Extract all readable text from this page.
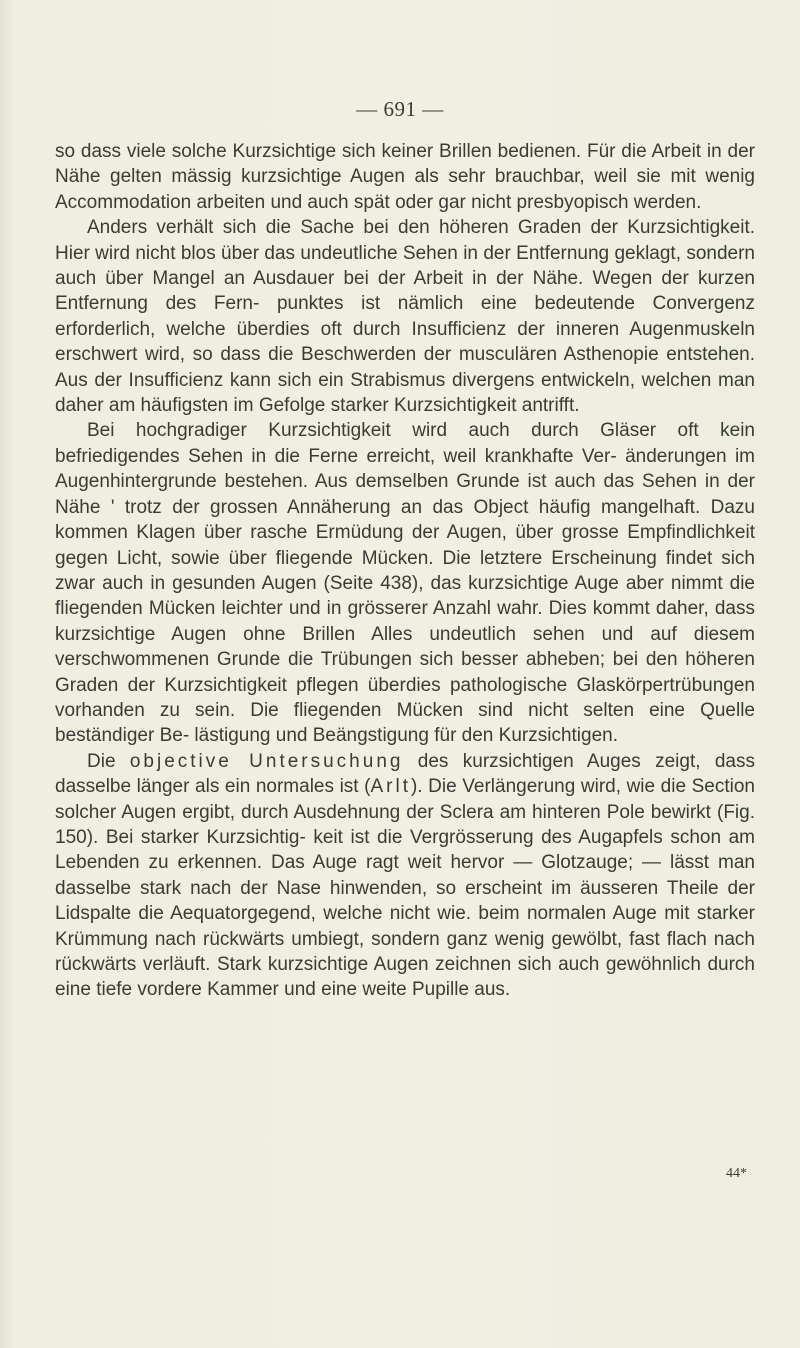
— 691 —

so dass viele solche Kurzsichtige sich keiner Brillen bedienen. Für die Arbeit in der Nähe gelten mässig kurzsichtige Augen als sehr brauchbar, weil sie mit wenig Accommodation arbeiten und auch spät oder gar nicht presbyopisch werden.

Anders verhält sich die Sache bei den höheren Graden der Kurzsichtigkeit. Hier wird nicht blos über das undeutliche Sehen in der Entfernung geklagt, sondern auch über Mangel an Ausdauer bei der Arbeit in der Nähe. Wegen der kurzen Entfernung des Fern- punktes ist nämlich eine bedeutende Convergenz erforderlich, welche überdies oft durch Insufficienz der inneren Augenmuskeln erschwert wird, so dass die Beschwerden der musculären Asthenopie entstehen. Aus der Insufficienz kann sich ein Strabismus divergens entwickeln, welchen man daher am häufigsten im Gefolge starker Kurzsichtigkeit antrifft.

Bei hochgradiger Kurzsichtigkeit wird auch durch Gläser oft kein befriedigendes Sehen in die Ferne erreicht, weil krankhafte Ver- änderungen im Augenhintergrunde bestehen. Aus demselben Grunde ist auch das Sehen in der Nähe ' trotz der grossen Annäherung an das Object häufig mangelhaft. Dazu kommen Klagen über rasche Ermüdung der Augen, über grosse Empfindlichkeit gegen Licht, sowie über fliegende Mücken. Die letztere Erscheinung findet sich zwar auch in gesunden Augen (Seite 438), das kurzsichtige Auge aber nimmt die fliegenden Mücken leichter und in grösserer Anzahl wahr. Dies kommt daher, dass kurzsichtige Augen ohne Brillen Alles undeutlich sehen und auf diesem verschwommenen Grunde die Trübungen sich besser abheben; bei den höheren Graden der Kurzsichtigkeit pflegen überdies pathologische Glaskörpertrübungen vorhanden zu sein. Die fliegenden Mücken sind nicht selten eine Quelle beständiger Be- lästigung und Beängstigung für den Kurzsichtigen.

Die objective Untersuchung des kurzsichtigen Auges zeigt, dass dasselbe länger als ein normales ist (Arlt). Die Verlängerung wird, wie die Section solcher Augen ergibt, durch Ausdehnung der Sclera am hinteren Pole bewirkt (Fig. 150). Bei starker Kurzsichtig- keit ist die Vergrösserung des Augapfels schon am Lebenden zu erkennen. Das Auge ragt weit hervor — Glotzauge; — lässt man dasselbe stark nach der Nase hinwenden, so erscheint im äusseren Theile der Lidspalte die Aequatorgegend, welche nicht wie. beim normalen Auge mit starker Krümmung nach rückwärts umbiegt, sondern ganz wenig gewölbt, fast flach nach rückwärts verläuft. Stark kurzsichtige Augen zeichnen sich auch gewöhnlich durch eine tiefe vordere Kammer und eine weite Pupille aus.

44*
